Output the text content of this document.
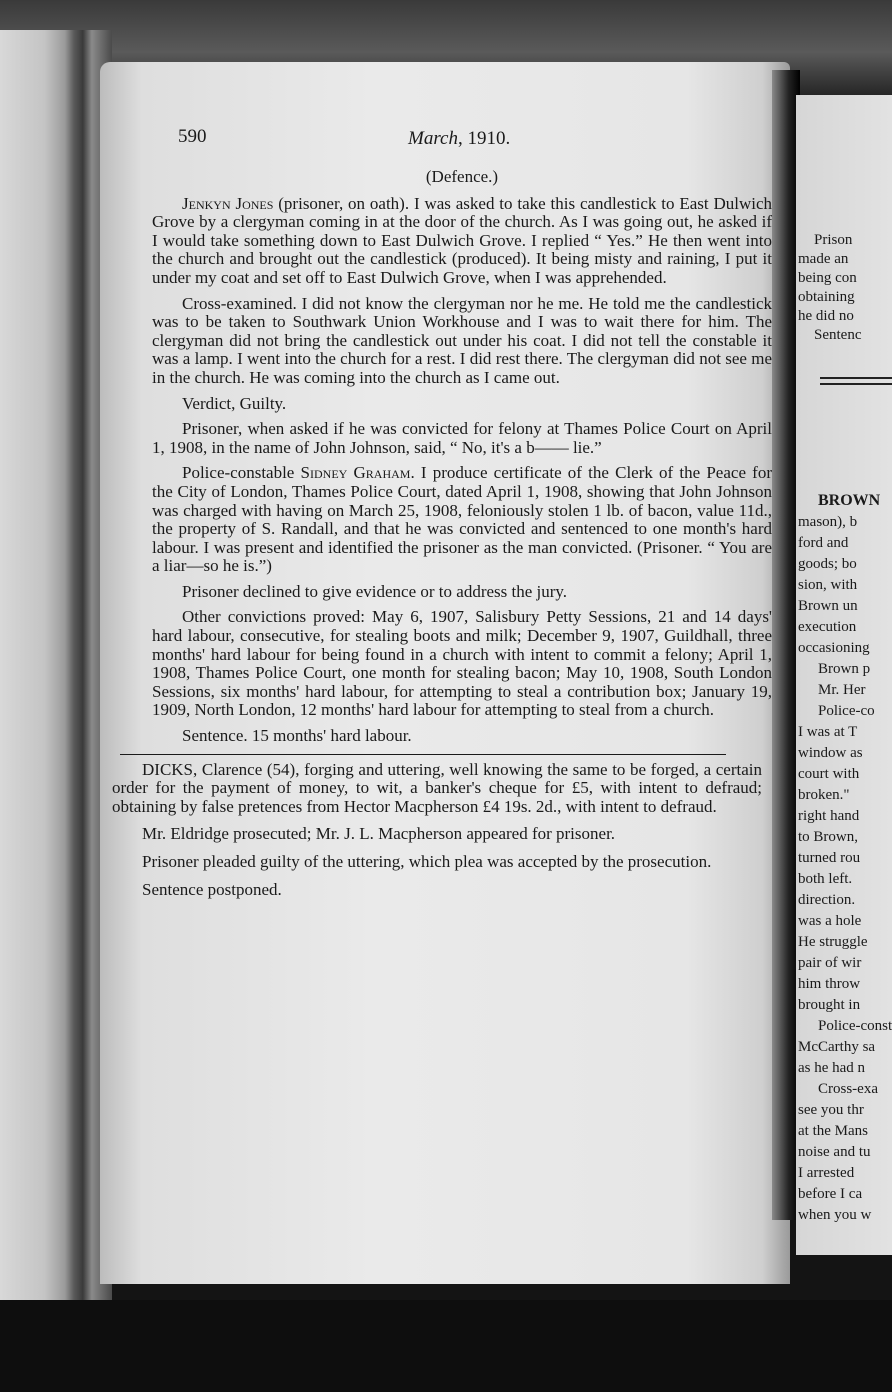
Prison
made an
being con
obtaining
he did no
Sentenc
BROWN
mason), b
ford and
goods; bo
sion, with
Brown un
execution
occasioning
Brown p
Mr. Her
Police-co
I was at T
window as
court with
broken."
right hand
to Brown,
turned rou
both left.
direction.
was a hole
He struggle
pair of wir
him throw
brought in
Police-const
McCarthy sa
as he had n
Cross-exa
see you thr
at the Mans
noise and tu
I arrested
before I ca
when you w
590	March, 1910.
(Defence.)

Jenkyn Jones (prisoner, on oath). I was asked to take this candlestick to East Dulwich Grove by a clergyman coming in at the door of the church. As I was going out, he asked if I would take something down to East Dulwich Grove. I replied “ Yes.” He then went into the church and brought out the candlestick (produced). It being misty and raining, I put it under my coat and set off to East Dulwich Grove, when I was apprehended.

Cross-examined. I did not know the clergyman nor he me. He told me the candlestick was to be taken to Southwark Union Workhouse and I was to wait there for him. The clergyman did not bring the candlestick out under his coat. I did not tell the constable it was a lamp. I went into the church for a rest. I did rest there. The clergyman did not see me in the church. He was coming into the church as I came out.

Verdict, Guilty.

Prisoner, when asked if he was convicted for felony at Thames Police Court on April 1, 1908, in the name of John Johnson, said, “ No, it's a b—— lie.”

Police-constable Sidney Graham. I produce certificate of the Clerk of the Peace for the City of London, Thames Police Court, dated April 1, 1908, showing that John Johnson was charged with having on March 25, 1908, feloniously stolen 1 lb. of bacon, value 11d., the property of S. Randall, and that he was convicted and sentenced to one month's hard labour. I was present and identified the prisoner as the man convicted. (Prisoner. “ You are a liar—so he is.”)

Prisoner declined to give evidence or to address the jury.

Other convictions proved: May 6, 1907, Salisbury Petty Sessions, 21 and 14 days' hard labour, consecutive, for stealing boots and milk; December 9, 1907, Guildhall, three months' hard labour for being found in a church with intent to commit a felony; April 1, 1908, Thames Police Court, one month for stealing bacon; May 10, 1908, South London Sessions, six months' hard labour, for attempting to steal a contribution box; January 19, 1909, North London, 12 months' hard labour for attempting to steal from a church.

Sentence. 15 months' hard labour.

DICKS, Clarence (54), forging and uttering, well knowing the same to be forged, a certain order for the payment of money, to wit, a banker's cheque for £5, with intent to defraud; obtaining by false pretences from Hector Macpherson £4 19s. 2d., with intent to defraud.

Mr. Eldridge prosecuted; Mr. J. L. Macpherson appeared for prisoner.

Prisoner pleaded guilty of the uttering, which plea was accepted by the prosecution.

Sentence postponed.
